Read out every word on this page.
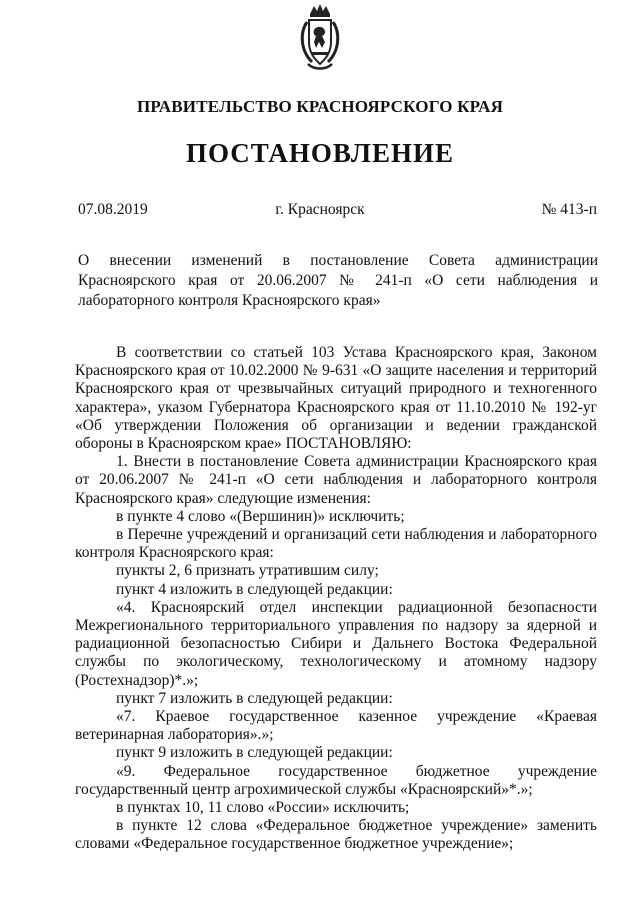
ПРАВИТЕЛЬСТВО КРАСНОЯРСКОГО КРАЯ
ПОСТАНОВЛЕНИЕ
07.08.2019	г. Красноярск	№ 413-п
О внесении изменений в постановление Совета администрации Красноярского края от 20.06.2007 № 241-п «О сети наблюдения и лабораторного контроля Красноярского края»

В соответствии со статьей 103 Устава Красноярского края, Законом Красноярского края от 10.02.2000 № 9-631 «О защите населения и территорий Красноярского края от чрезвычайных ситуаций природного и техногенного характера», указом Губернатора Красноярского края от 11.10.2010 № 192-уг «Об утверждении Положения об организации и ведении гражданской обороны в Красноярском крае» ПОСТАНОВЛЯЮ:

1. Внести в постановление Совета администрации Красноярского края от 20.06.2007 № 241-п «О сети наблюдения и лабораторного контроля Красноярского края» следующие изменения:

в пункте 4 слово «(Вершинин)» исключить;

в Перечне учреждений и организаций сети наблюдения и лабораторного контроля Красноярского края:

пункты 2, 6 признать утратившим силу;

пункт 4 изложить в следующей редакции:

«4. Красноярский отдел инспекции радиационной безопасности Межрегионального территориального управления по надзору за ядерной и радиационной безопасностью Сибири и Дальнего Востока Федеральной службы по экологическому, технологическому и атомному надзору (Ростехнадзор)*.»;

пункт 7 изложить в следующей редакции:

«7. Краевое государственное казенное учреждение «Краевая ветеринарная лаборатория».»;

пункт 9 изложить в следующей редакции:

«9. Федеральное государственное бюджетное учреждение государственный центр агрохимической службы «Красноярский»*.»;

в пунктах 10, 11 слово «России» исключить;

в пункте 12 слова «Федеральное бюджетное учреждение» заменить словами «Федеральное государственное бюджетное учреждение»;
